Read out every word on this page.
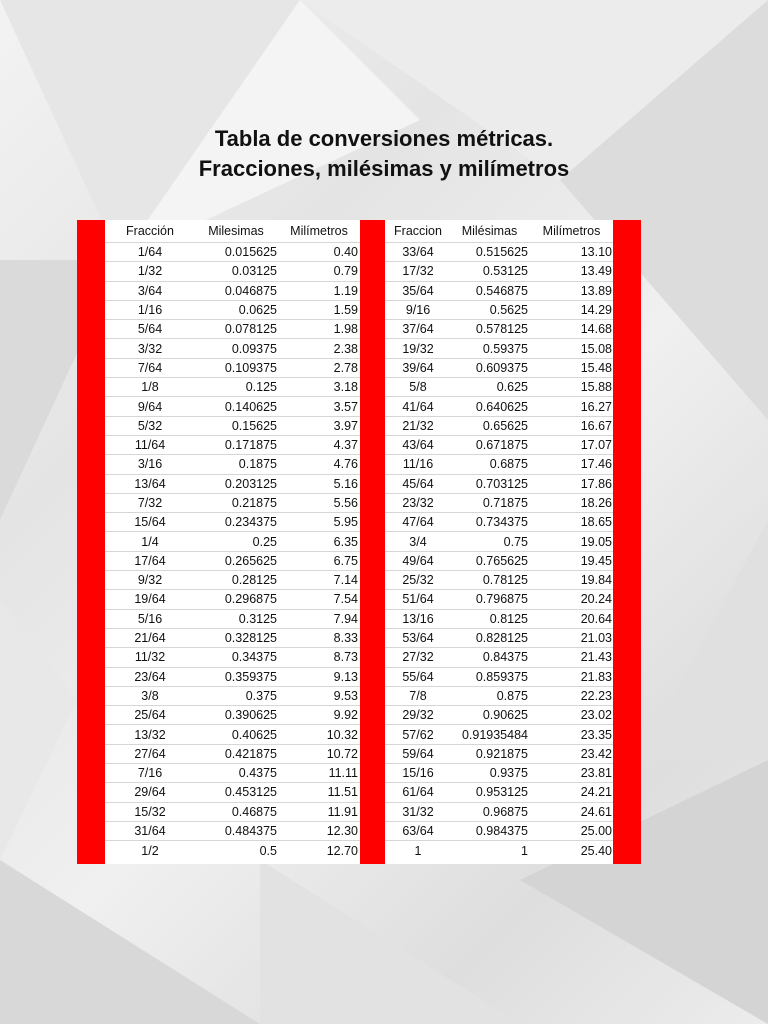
Tabla de conversiones métricas.
Fracciones, milésimas y milímetros
Fracción	Milesimas	Milímetros
1/64	0.015625	0.40
1/32	0.03125	0.79
3/64	0.046875	1.19
1/16	0.0625	1.59
5/64	0.078125	1.98
3/32	0.09375	2.38
7/64	0.109375	2.78
1/8	0.125	3.18
9/64	0.140625	3.57
5/32	0.15625	3.97
11/64	0.171875	4.37
3/16	0.1875	4.76
13/64	0.203125	5.16
7/32	0.21875	5.56
15/64	0.234375	5.95
1/4	0.25	6.35
17/64	0.265625	6.75
9/32	0.28125	7.14
19/64	0.296875	7.54
5/16	0.3125	7.94
21/64	0.328125	8.33
11/32	0.34375	8.73
23/64	0.359375	9.13
3/8	0.375	9.53
25/64	0.390625	9.92
13/32	0.40625	10.32
27/64	0.421875	10.72
7/16	0.4375	11.11
29/64	0.453125	11.51
15/32	0.46875	11.91
31/64	0.484375	12.30
1/2	0.5	12.70
Fraccion	Milésimas	Milímetros
33/64	0.515625	13.10
17/32	0.53125	13.49
35/64	0.546875	13.89
9/16	0.5625	14.29
37/64	0.578125	14.68
19/32	0.59375	15.08
39/64	0.609375	15.48
5/8	0.625	15.88
41/64	0.640625	16.27
21/32	0.65625	16.67
43/64	0.671875	17.07
11/16	0.6875	17.46
45/64	0.703125	17.86
23/32	0.71875	18.26
47/64	0.734375	18.65
3/4	0.75	19.05
49/64	0.765625	19.45
25/32	0.78125	19.84
51/64	0.796875	20.24
13/16	0.8125	20.64
53/64	0.828125	21.03
27/32	0.84375	21.43
55/64	0.859375	21.83
7/8	0.875	22.23
29/32	0.90625	23.02
57/62	0.91935484	23.35
59/64	0.921875	23.42
15/16	0.9375	23.81
61/64	0.953125	24.21
31/32	0.96875	24.61
63/64	0.984375	25.00
1	1	25.40
